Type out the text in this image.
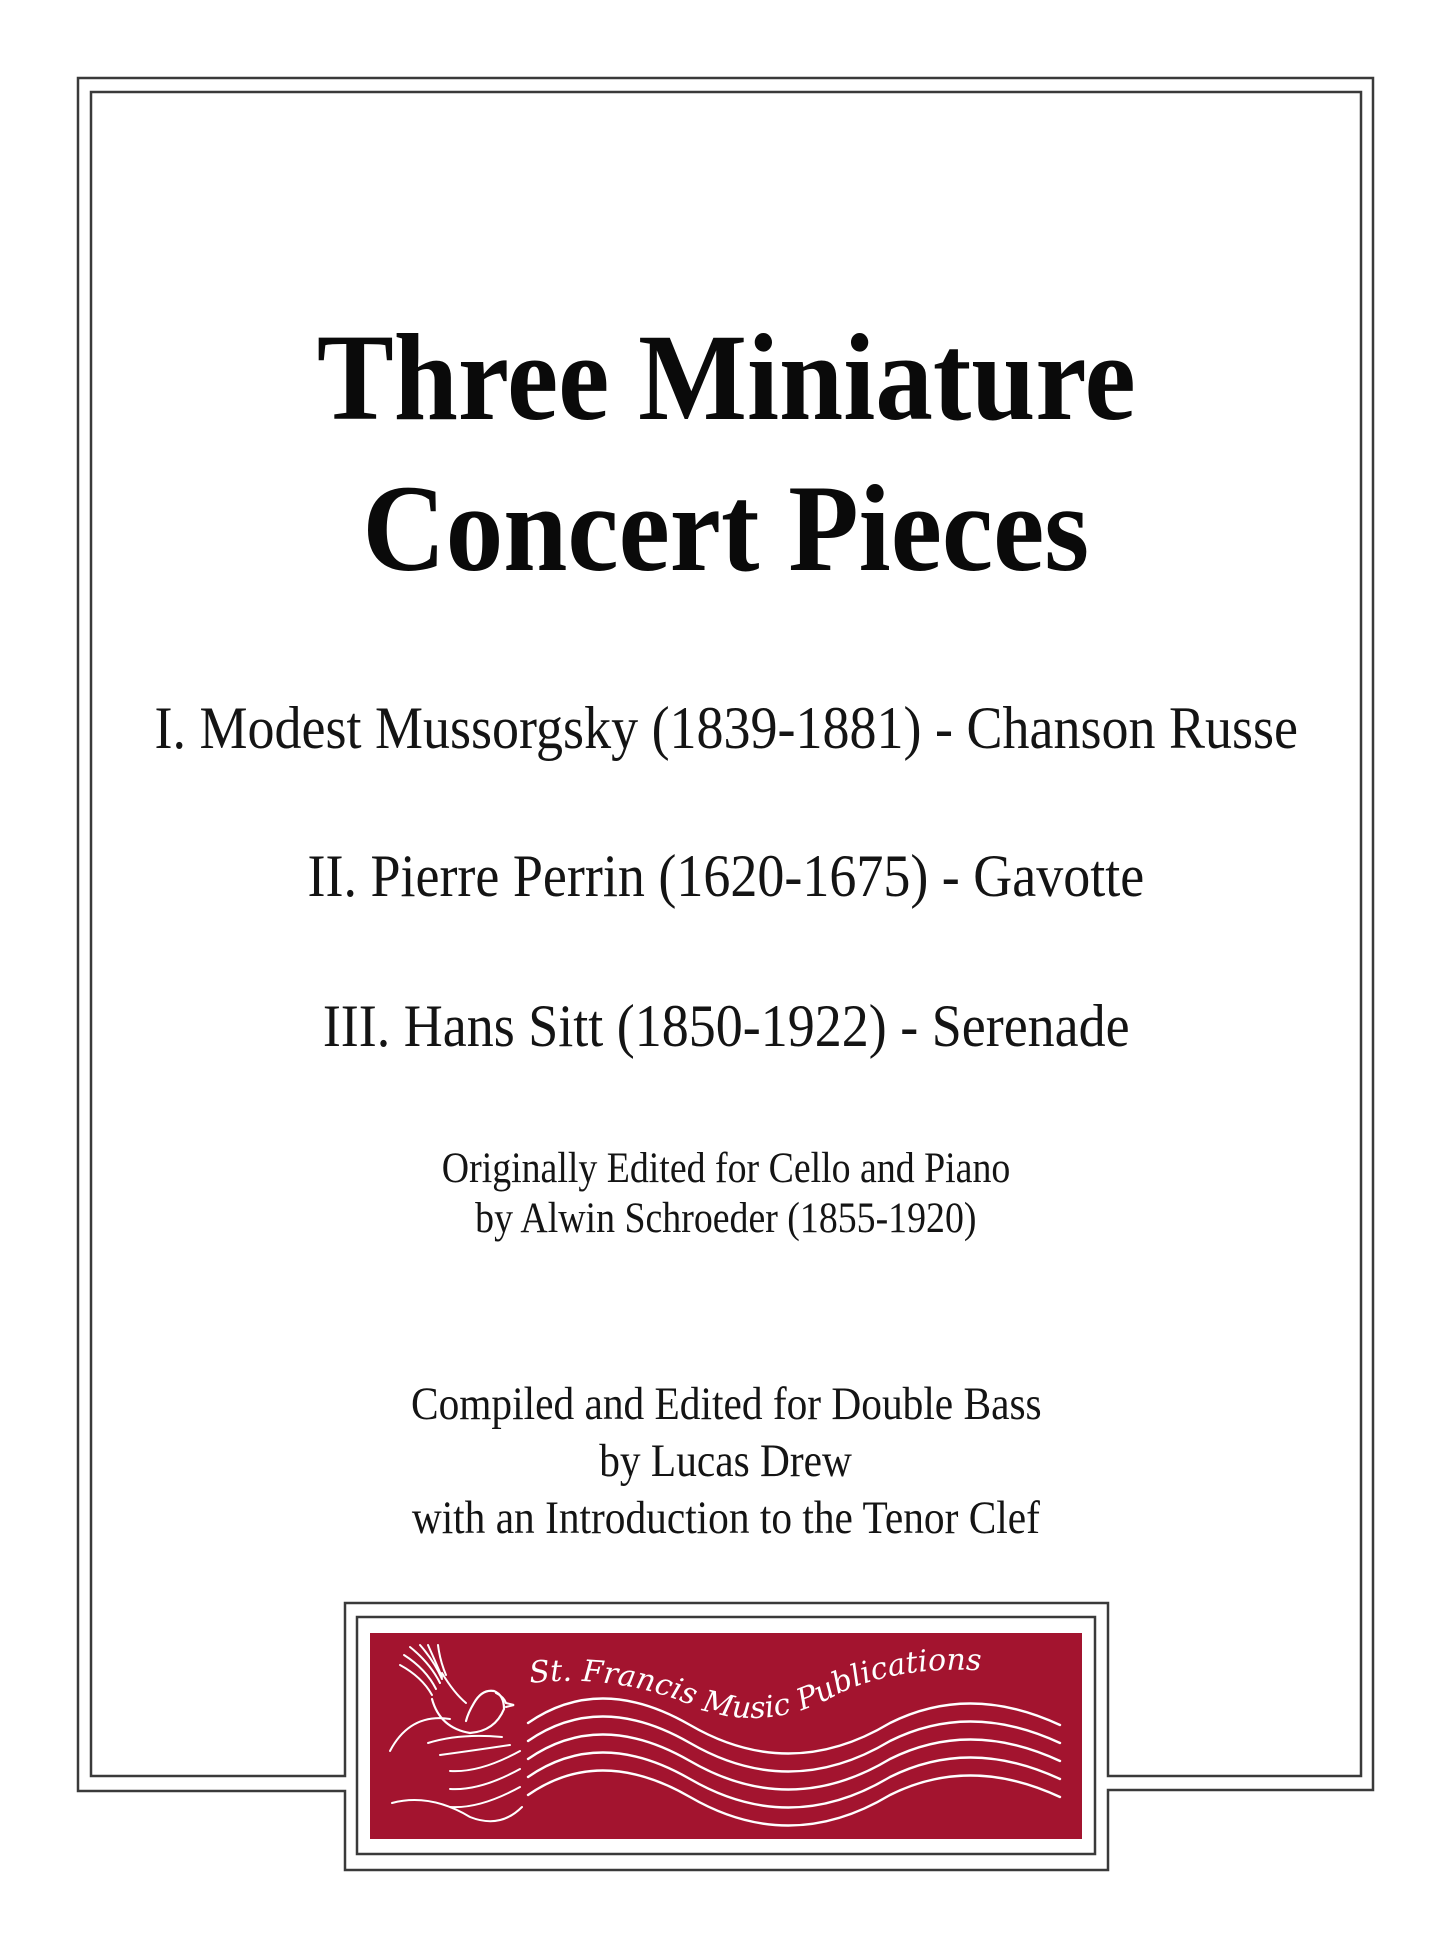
Three Miniature
Concert Pieces
I. Modest Mussorgsky (1839-1881) - Chanson Russe
II. Pierre Perrin (1620-1675) - Gavotte
III. Hans Sitt (1850-1922) - Serenade
Originally Edited for Cello and Piano
by Alwin Schroeder (1855-1920)
Compiled and Edited for Double Bass
by Lucas Drew
with an Introduction to the Tenor Clef
St. Francis Music Publications
